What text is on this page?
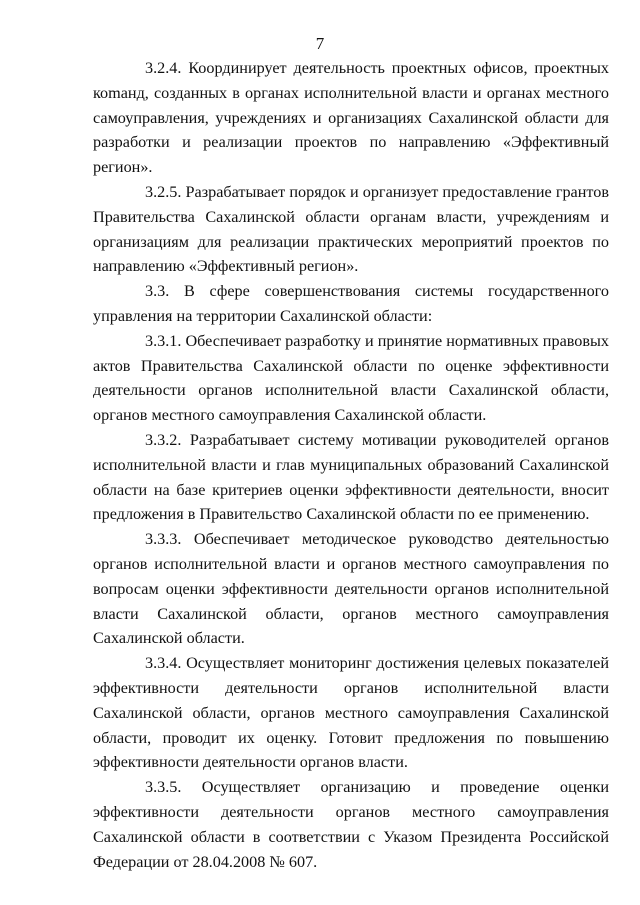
7

3.2.4. Координирует деятельность проектных офисов, проектных коmанд, созданных в органах исполнительной власти и органах местного самоуправления, учреждениях и организациях Сахалинской области для разработки и реализации проектов по направлению «Эффективный регион».

3.2.5. Разрабатывает порядок и организует предоставление грантов Правительства Сахалинской области органам власти, учреждениям и организациям для реализации практических мероприятий проектов по направлению «Эффективный регион».

3.3. В сфере совершенствования системы государственного управления на территории Сахалинской области:

3.3.1. Обеспечивает разработку и принятие нормативных правовых актов Правительства Сахалинской области по оценке эффективности деятельности органов исполнительной власти Сахалинской области, органов местного самоуправления Сахалинской области.

3.3.2. Разрабатывает систему мотивации руководителей органов исполнительной власти и глав муниципальных образований Сахалинской области на базе критериев оценки эффективности деятельности, вносит предложения в Правительство Сахалинской области по ее применению.

3.3.3. Обеспечивает методическое руководство деятельностью органов исполнительной власти и органов местного самоуправления по вопросам оценки эффективности деятельности органов исполнительной власти Сахалинской области, органов местного самоуправления Сахалинской области.

3.3.4. Осуществляет мониторинг достижения целевых показателей эффективности деятельности органов исполнительной власти Сахалинской области, органов местного самоуправления Сахалинской области, проводит их оценку. Готовит предложения по повышению эффективности деятельности органов власти.

3.3.5. Осуществляет организацию и проведение оценки эффективности деятельности органов местного самоуправления Сахалинской области в соответствии с Указом Президента Российской Федерации от 28.04.2008 № 607.
